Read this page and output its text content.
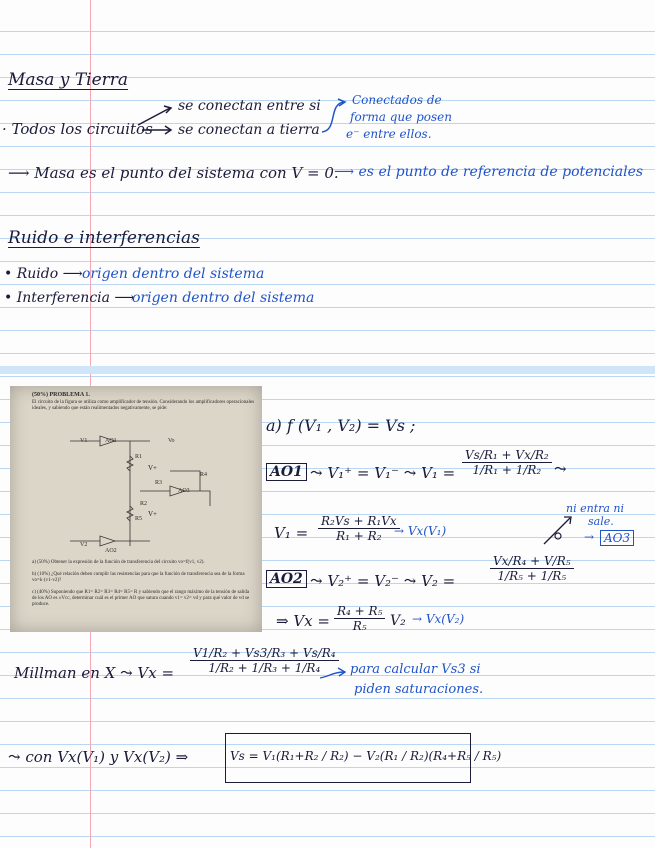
Masa y Tierra
· Todos los circuitos
se conectan entre si
se conectan a tierra
Conectados de
forma que posen
e⁻ entre ellos.
⟶ Masa es el punto del sistema con V = 0.
⟶ es el punto de referencia de potenciales
Ruido e interferencias
• Ruido ⟶ origen dentro del sistema
• Interferencia ⟶
origen dentro del sistema
(50%) PROBLEMA 1.
El circuito de la figura se utiliza como amplificador de tensión. Considerando los amplificadores operacionales ideales, y sabiendo que están realimentados negativamente, se pide:
AO1
AO2
AO3
R1
R2
R3
R4
R5
V+
V+
V1
V2
Vo
a) (50%) Obtener la expresión de la función de transferencia del circuito vo=f(v1, v2).
b) (10%) ¿Qué relación deben cumplir las resistencias para que la función de transferencia sea de la forma vo=k·(v1-v2)?
c) (40%) Suponiendo que R1= R2= R3= R4= R5= R y sabiendo que el rango máximo de la tensión de salida de los AO es ±Vcc, determinar cuál es el primer AO que satura cuando v1= v2= vd y para qué valor de vd se produce.
a) f (V₁ , V₂) = Vs ;
AO1 ⤳ V₁⁺ = V₁⁻ ⤳ $V_1 = \frac{\text{Vs/R₁ + Vx/R₂}}{\text{1/R₁ + 1/R₂}}$ ⤳
$V_1 = \frac{\text{R₂Vs + R₁Vx}}{\text{R₁ + R₂}}$
→ Vx(V₁)
ni entra ni
sale.
→ AO3
AO2 ⤳ V₂⁺ = V₂⁻ ⤳ V₂ =	$\frac{\text{Vx/R₄ + V/R₅}}{\text{1/R₅ + 1/R₅}}$
⇒ $Vx = \frac{\text{R₄ + R₅}}{\text{R₅}} V_2 \to Vx(V_2)$
Millman en X ⤳ $Vx = \frac{\text{V1/R₂ + Vs3/R₃ + Vs/R₄}}{\text{1/R₂ + 1/R₃ + 1/R₄}}$ para calcular Vs3 si
piden saturaciones.
⤳ con Vx(V₁) y Vx(V₂) ⇒	Vs = V₁(R₁+R₂ / R₂) − V₂(R₁ / R₂)(R₄+R₅ / R₅)
